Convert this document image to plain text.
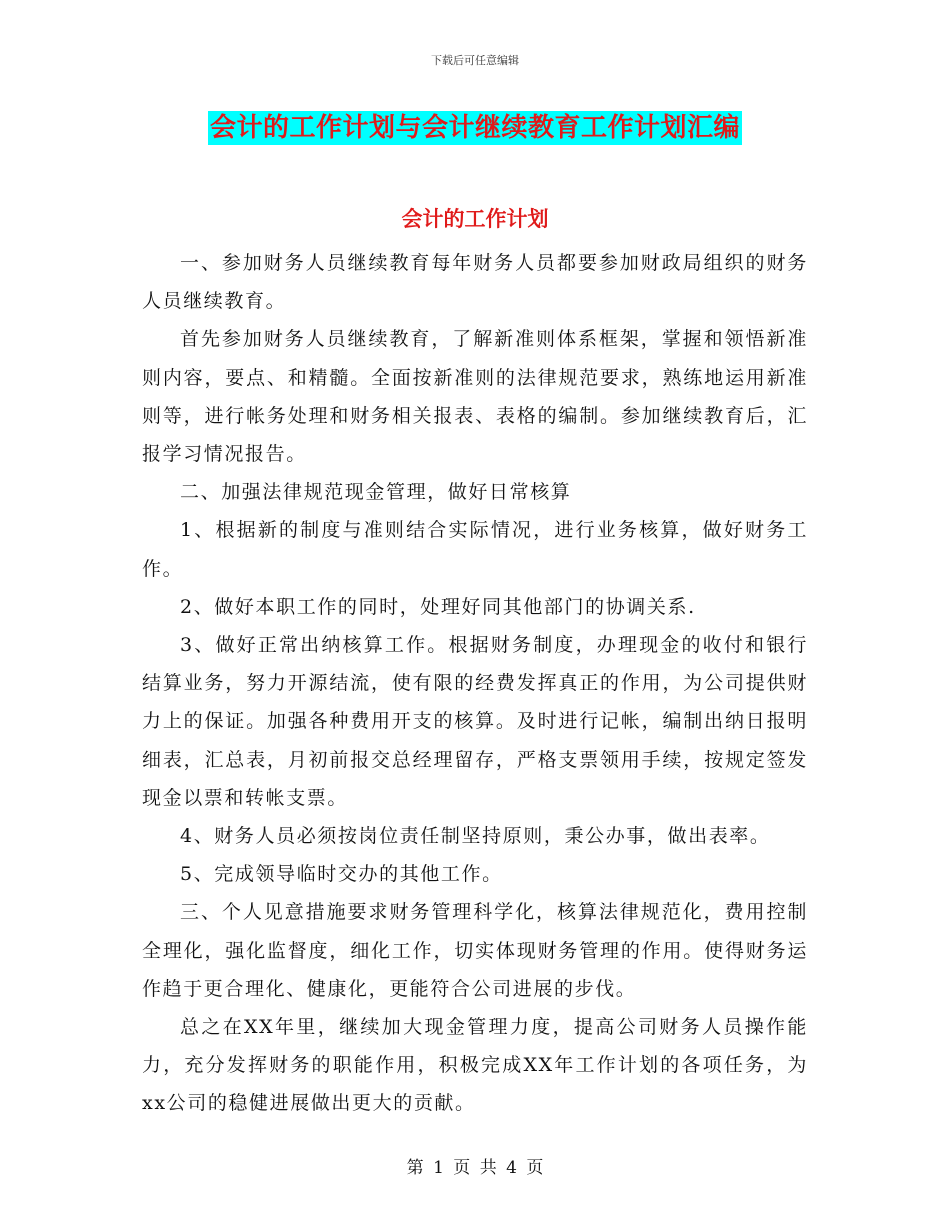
下载后可任意编辑
会计的工作计划与会计继续教育工作计划汇编
会计的工作计划

一、参加财务人员继续教育每年财务人员都要参加财政局组织的财务人员继续教育。

首先参加财务人员继续教育，了解新准则体系框架，掌握和领悟新准则内容，要点、和精髓。全面按新准则的法律规范要求，熟练地运用新准则等，进行帐务处理和财务相关报表、表格的编制。参加继续教育后，汇报学习情况报告。

二、加强法律规范现金管理，做好日常核算

1、根据新的制度与准则结合实际情况，进行业务核算，做好财务工作。

2、做好本职工作的同时，处理好同其他部门的协调关系.

3、做好正常出纳核算工作。根据财务制度，办理现金的收付和银行结算业务，努力开源结流，使有限的经费发挥真正的作用，为公司提供财力上的保证。加强各种费用开支的核算。及时进行记帐，编制出纳日报明细表，汇总表，月初前报交总经理留存，严格支票领用手续，按规定签发现金以票和转帐支票。

4、财务人员必须按岗位责任制坚持原则，秉公办事，做出表率。

5、完成领导临时交办的其他工作。

三、个人见意措施要求财务管理科学化，核算法律规范化，费用控制全理化，强化监督度，细化工作，切实体现财务管理的作用。使得财务运作趋于更合理化、健康化，更能符合公司进展的步伐。

总之在XX年里，继续加大现金管理力度，提高公司财务人员操作能力，充分发挥财务的职能作用，积极完成XX年工作计划的各项任务，为xx公司的稳健进展做出更大的贡献。

第 1 页 共 4 页
